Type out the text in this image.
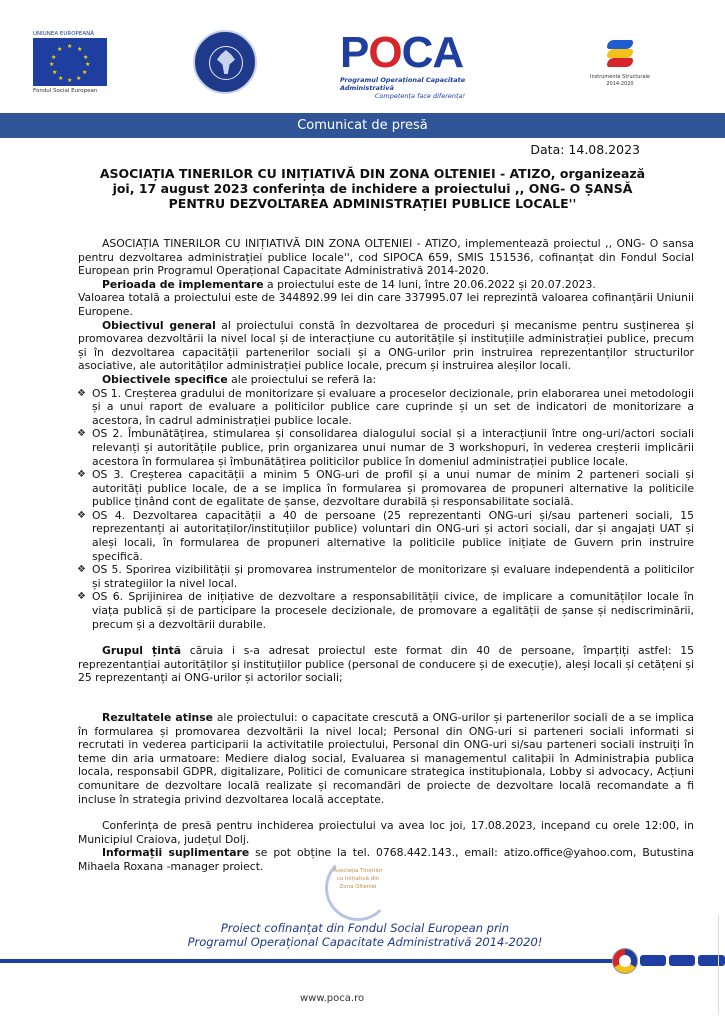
UNIUNEA EUROPEANĂ
★ ★
★
★
★
★
★
★
★
★
★
★
Fondul Social European
POCA
Programul Operațional Capacitate Administrativă
Competența face diferența!
Instrumente Structurale 2014-2020
Comunicat de presă
Data: 14.08.2023
ASOCIAȚIA TINERILOR CU INIȚIATIVĂ DIN ZONA OLTENIEI - ATIZO, organizează joi, 17 august 2023 conferința de inchidere a proiectului ,, ONG- O ȘANSĂ PENTRU DEZVOLTAREA ADMINISTRAȚIEI PUBLICE LOCALE''

ASOCIAȚIA TINERILOR CU INIȚIATIVĂ DIN ZONA OLTENIEI - ATIZO, implementează proiectul ,, ONG- O sansa pentru dezvoltarea administrației publice locale'', cod SIPOCA 659, SMIS 151536, cofinanțat din Fondul Social European prin Programul Operațional Capacitate Administrativă 2014-2020.

Perioada de implementare a proiectului este de 14 luni, între 20.06.2022 și 20.07.2023.

Valoarea totală a proiectului este de 344892.99 lei din care 337995.07 lei reprezintă valoarea cofinanțării Uniunii Europene.

Obiectivul general al proiectului constă în dezvoltarea de proceduri și mecanisme pentru susținerea și promovarea dezvoltării la nivel local și de interacțiune cu autoritățile și instituțiile administrației publice, precum și în dezvoltarea capacității partenerilor sociali și a ONG-urilor prin instruirea reprezentanților structurilor asociative, ale autorităților administrației publice locale, precum și instruirea aleșilor locali.

Obiectivele specifice ale proiectului se referă la:

❖ OS 1. Creșterea gradului de monitorizare și evaluare a proceselor decizionale, prin elaborarea unei metodologii și a unui raport de evaluare a politicilor publice care cuprinde și un set de indicatori de monitorizare a acestora, în cadrul administrației publice locale.
❖ OS 2. Îmbunătățirea, stimularea și consolidarea dialogului social și a interacțiunii între ong-uri/actori sociali relevanți și autoritățile publice, prin organizarea unui numar de 3 workshopuri, în vederea creșterii implicării acestora în formularea și îmbunătățirea politicilor publice în domeniul administrației publice locale.
❖ OS 3. Creșterea capacității a minim 5 ONG-uri de profil și a unui numar de minim 2 parteneri sociali și autorități publice locale, de a se implica în formularea și promovarea de propuneri alternative la politicile publice ținând cont de egalitate de șanse, dezvoltare durabilă și responsabilitate socială.
❖ OS 4. Dezvoltarea capacității a 40 de persoane (25 reprezentanti ONG-uri și/sau parteneri sociali, 15 reprezentanți ai autoritaților/instituțiilor publice) voluntari din ONG-uri și actori sociali, dar și angajați UAT și aleși locali, în formularea de propuneri alternative la politicile publice inițiate de Guvern prin instruire specifică.
❖ OS 5. Sporirea vizibilității și promovarea instrumentelor de monitorizare și evaluare independentă a politicilor și strategiilor la nivel local.
❖ OS 6. Sprijinirea de inițiative de dezvoltare a responsabilității civice, de implicare a comunităților locale în viața publică și de participare la procesele decizionale, de promovare a egalității de șanse și nediscriminării, precum și a dezvoltării durabile.

Grupul țintă căruia i s-a adresat proiectul este format din 40 de persoane, împarțiți astfel: 15 reprezentanțiai autorităților și instituțiilor publice (personal de conducere și de execuție), aleși locali și cetățeni și 25 reprezentanți ai ONG-urilor și actorilor sociali;

Rezultatele atinse ale proiectului: o capacitate crescută a ONG-urilor și partenerilor sociali de a se implica în formularea și promovarea dezvoltării la nivel local; Personal din ONG-uri si parteneri sociali informati si recrutati in vederea participarii la activitatile proiectului, Personal din ONG-uri si/sau parteneri sociali instruiți în teme din aria urmatoare: Mediere dialog social, Evaluarea si managementul calitaþii în Administraþia publica locala, responsabil GDPR, digitalizare, Politici de comunicare strategica instituþionala, Lobby si advocacy, Acțiuni comunitare de dezvoltare locală realizate și recomandări de proiecte de dezvoltare locală recomandate a fi incluse în strategia privind dezvoltarea locală acceptate.

Conferința de presă pentru inchiderea proiectului va avea loc joi, 17.08.2023, incepand cu orele 12:00, in Municipiul Craiova, județul Dolj.

Informații suplimentare se pot obține la tel. 0768.442.143., email: atizo.office@yahoo.com, Butustina Mihaela Roxana -manager proiect.	Asociația Tinerilor
cu Inițiativă din
Zona Olteniei
Proiect cofinanțat din Fondul Social European prin
Programul Operațional Capacitate Administrativă 2014-2020!
www.poca.ro
